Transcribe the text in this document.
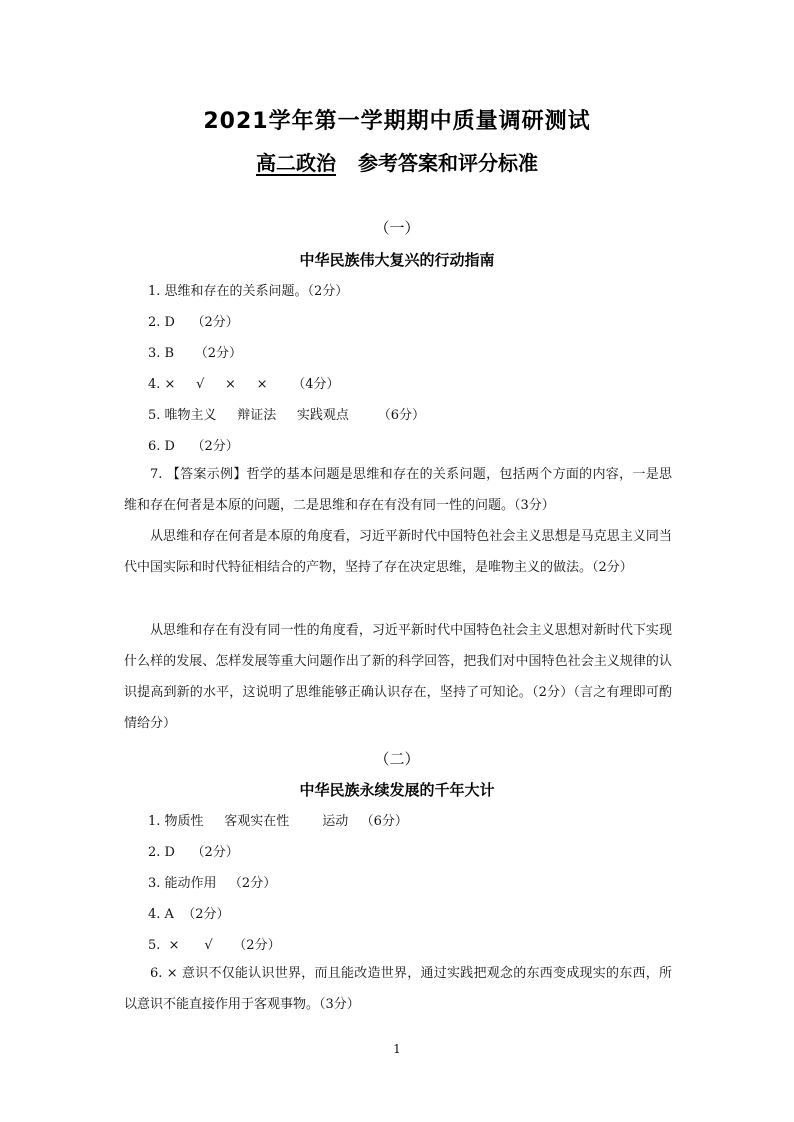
2021学年第一学期期中质量调研测试
高二政治 参考答案和评分标准
（一）
中华民族伟大复兴的行动指南
1. 思维和存在的关系问题。（2分）
2. D    （2分）
3. B     （2分）
4. ×     √     ×     ×      （4分）
5. 唯物主义     辩证法     实践观点       （6分）
6. D    （2分）
7. 【答案示例】哲学的基本问题是思维和存在的关系问题，包括两个方面的内容，一是思维和存在何者是本原的问题，二是思维和存在有没有同一性的问题。（3分）
从思维和存在何者是本原的角度看，习近平新时代中国特色社会主义思想是马克思主义同当代中国实际和时代特征相结合的产物，坚持了存在决定思维，是唯物主义的做法。（2分）
从思维和存在有没有同一性的角度看，习近平新时代中国特色社会主义思想对新时代下实现什么样的发展、怎样发展等重大问题作出了新的科学回答，把我们对中国特色社会主义规律的认识提高到新的水平，这说明了思维能够正确认识存在，坚持了可知论。（2分）（言之有理即可酌情给分）
（二）
中华民族永续发展的千年大计
1. 物质性     客观实在性        运动   （6分）
2. D    （2分）
3. 能动作用   （2分）
4. A  （2分）
5.  ×      √     （2分）
6. × 意识不仅能认识世界，而且能改造世界，通过实践把观念的东西变成现实的东西，所以意识不能直接作用于客观事物。（3分）
1
